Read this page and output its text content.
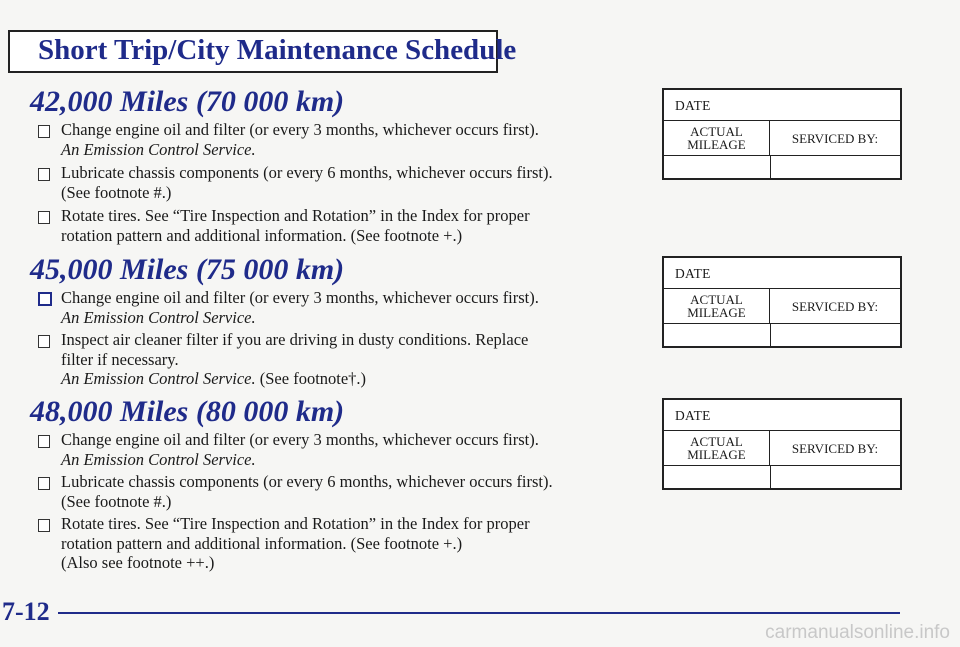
Short Trip/City Maintenance Schedule
42,000 Miles (70 000 km)
Change engine oil and filter (or every 3 months, whichever occurs first).
An Emission Control Service.
Lubricate chassis components (or every 6 months, whichever occurs first).
(See footnote #.)
Rotate tires. See “Tire Inspection and Rotation” in the Index for proper
rotation pattern and additional information. (See footnote +.)
DATE
ACTUAL
MILEAGE	SERVICED BY:
45,000 Miles (75 000 km)
Change engine oil and filter (or every 3 months, whichever occurs first).
An Emission Control Service.
Inspect air cleaner filter if you are driving in dusty conditions. Replace
filter if necessary.
An Emission Control Service. (See footnote†.)
DATE
ACTUAL
MILEAGE	SERVICED BY:
48,000 Miles (80 000 km)
Change engine oil and filter (or every 3 months, whichever occurs first).
An Emission Control Service.
Lubricate chassis components (or every 6 months, whichever occurs first).
(See footnote #.)
Rotate tires. See “Tire Inspection and Rotation” in the Index for proper
rotation pattern and additional information. (See footnote +.)
(Also see footnote ++.)
DATE
ACTUAL
MILEAGE	SERVICED BY:
7-12
carmanualsonline.info
